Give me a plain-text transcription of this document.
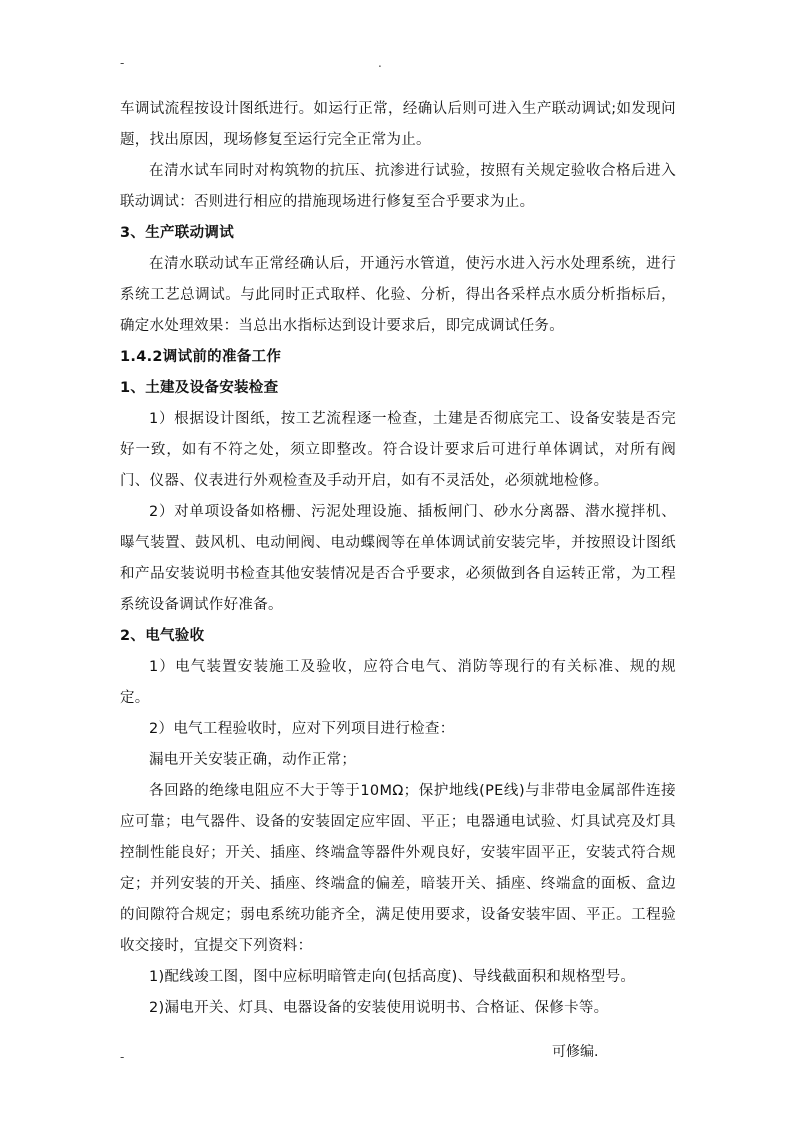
-	.

车调试流程按设计图纸进行。如运行正常，经确认后则可进入生产联动调试;如发现问题，找出原因，现场修复至运行完全正常为止。

在清水试车同时对构筑物的抗压、抗渗进行试验，按照有关规定验收合格后进入联动调试：否则进行相应的措施现场进行修复至合乎要求为止。

3、生产联动调试

在清水联动试车正常经确认后，开通污水管道，使污水进入污水处理系统，进行系统工艺总调试。与此同时正式取样、化验、分析，得出各采样点水质分析指标后，确定水处理效果：当总出水指标达到设计要求后，即完成调试任务。

1.4.2调试前的准备工作

1、土建及设备安装检查

1）根据设计图纸，按工艺流程逐一检查，土建是否彻底完工、设备安装是否完好一致，如有不符之处，须立即整改。符合设计要求后可进行单体调试，对所有阀门、仪器、仪表进行外观检查及手动开启，如有不灵活处，必须就地检修。

2）对单项设备如格栅、污泥处理设施、插板闸门、砂水分离器、潜水搅拌机、曝气装置、鼓风机、电动闸阀、电动蝶阀等在单体调试前安装完毕，并按照设计图纸和产品安装说明书检查其他安装情况是否合乎要求，必须做到各自运转正常，为工程系统设备调试作好准备。

2、电气验收

1）电气装置安装施工及验收，应符合电气、消防等现行的有关标准、规的规定。

2）电气工程验收时，应对下列项目进行检查：

漏电开关安装正确，动作正常；

各回路的绝缘电阻应不大于等于10MΩ；保护地线(PE线)与非带电金属部件连接应可靠；电气器件、设备的安装固定应牢固、平正；电器通电试验、灯具试亮及灯具控制性能良好；开关、插座、终端盒等器件外观良好，安装牢固平正，安装式符合规定；并列安装的开关、插座、终端盒的偏差，暗装开关、插座、终端盒的面板、盒边的间隙符合规定；弱电系统功能齐全，满足使用要求，设备安装牢固、平正。工程验收交接时，宜提交下列资料：

1)配线竣工图，图中应标明暗管走向(包括高度)、导线截面积和规格型号。

2)漏电开关、灯具、电器设备的安装使用说明书、合格证、保修卡等。

-	可修编.
